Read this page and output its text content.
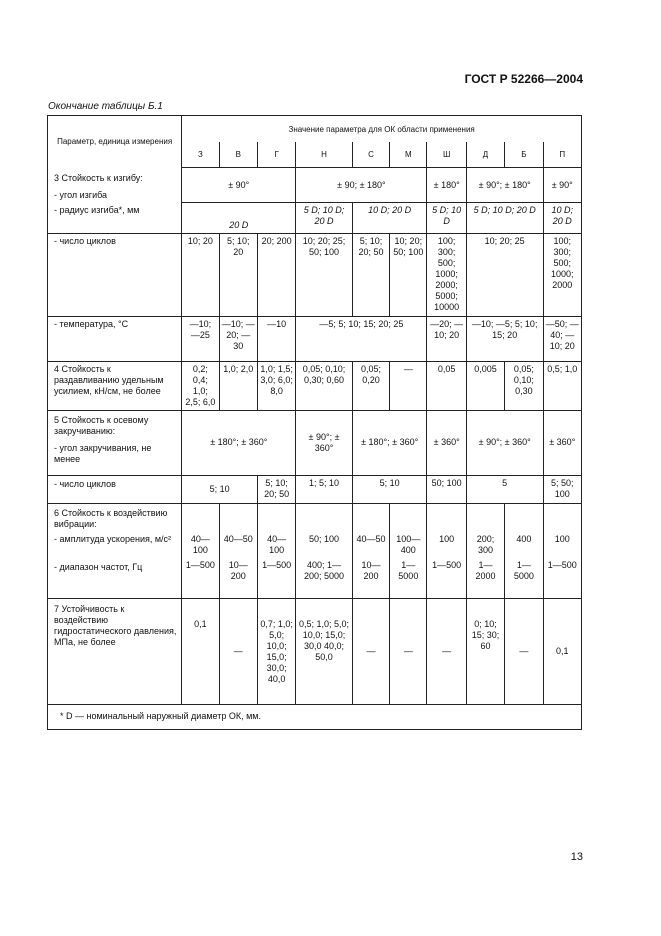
ГОСТ Р 52266—2004
Окончание таблицы Б.1
Параметр, единица измерения	Значение параметра для ОК области применения									
	З	В	Г	Н	С	М	Ш	Д	Б	П
3 Стойкость к изгибу:	± 90°			± 90; ± 180°			± 180°	± 90°; ± 180°		± 90°
- угол изгиба										
- радиус изгиба*, мм	20 D			5 D; 10 D; 20 D	10 D; 20 D		5 D; 10 D	5 D; 10 D; 20 D		10 D; 20 D
- число циклов	10; 20	5; 10; 20	20; 200	10; 20; 25; 50; 100	5; 10; 20; 50	10; 20; 50; 100	100; 300; 500; 1000; 2000; 5000; 10000	10; 20; 25		100; 300; 500; 1000; 2000
- температура, °С	—10; —25	—10; —20; —30	—10	—5; 5; 10; 15; 20; 25			—20; —10; 20	—10; —5; 5; 10; 15; 20		—50; —40; —10; 20
4 Стойкость к раздавливанию удельным усилием, кН/см, не более	0,2; 0,4; 1,0; 2,5; 6,0	1,0; 2,0	1,0; 1,5; 3,0; 6,0; 8,0	0,05; 0,10; 0,30; 0,60	0,05; 0,20	—	0,05	0,005	0,05; 0,10; 0,30	0,5; 1,0
5 Стойкость к осевому закручиванию:	± 180°; ± 360°			± 90°; ± 360°	± 180°; ± 360°		± 360°	± 90°; ± 360°		± 360°
- угол закручивания, не менее										
- число циклов	5; 10		5; 10; 20; 50	1; 5; 10	5; 10		50; 100	5		5; 50; 100
6 Стойкость к воздействию вибрации:										
- амплитуда ускорения, м/с²	40—100	40—50	40—100	50; 100	40—50	100—400	100	200; 300	400	100
- диапазон частот, Гц	1—500	10—200	1—500	400; 1—200; 5000	10—200	1—5000	1—500	1—2000	1—5000	1—500
7 Устойчивость к воздействию гидростатического давления, МПа, не более	0,1	—	0,7; 1,0; 5,0; 10,0; 15,0; 30,0; 40,0	0,5; 1,0; 5,0; 10,0; 15,0; 30,0 40,0; 50,0	—	—	—	0; 10; 15; 30; 60	—	0,1
* D — номинальный наружный диаметр ОК, мм.										
13
